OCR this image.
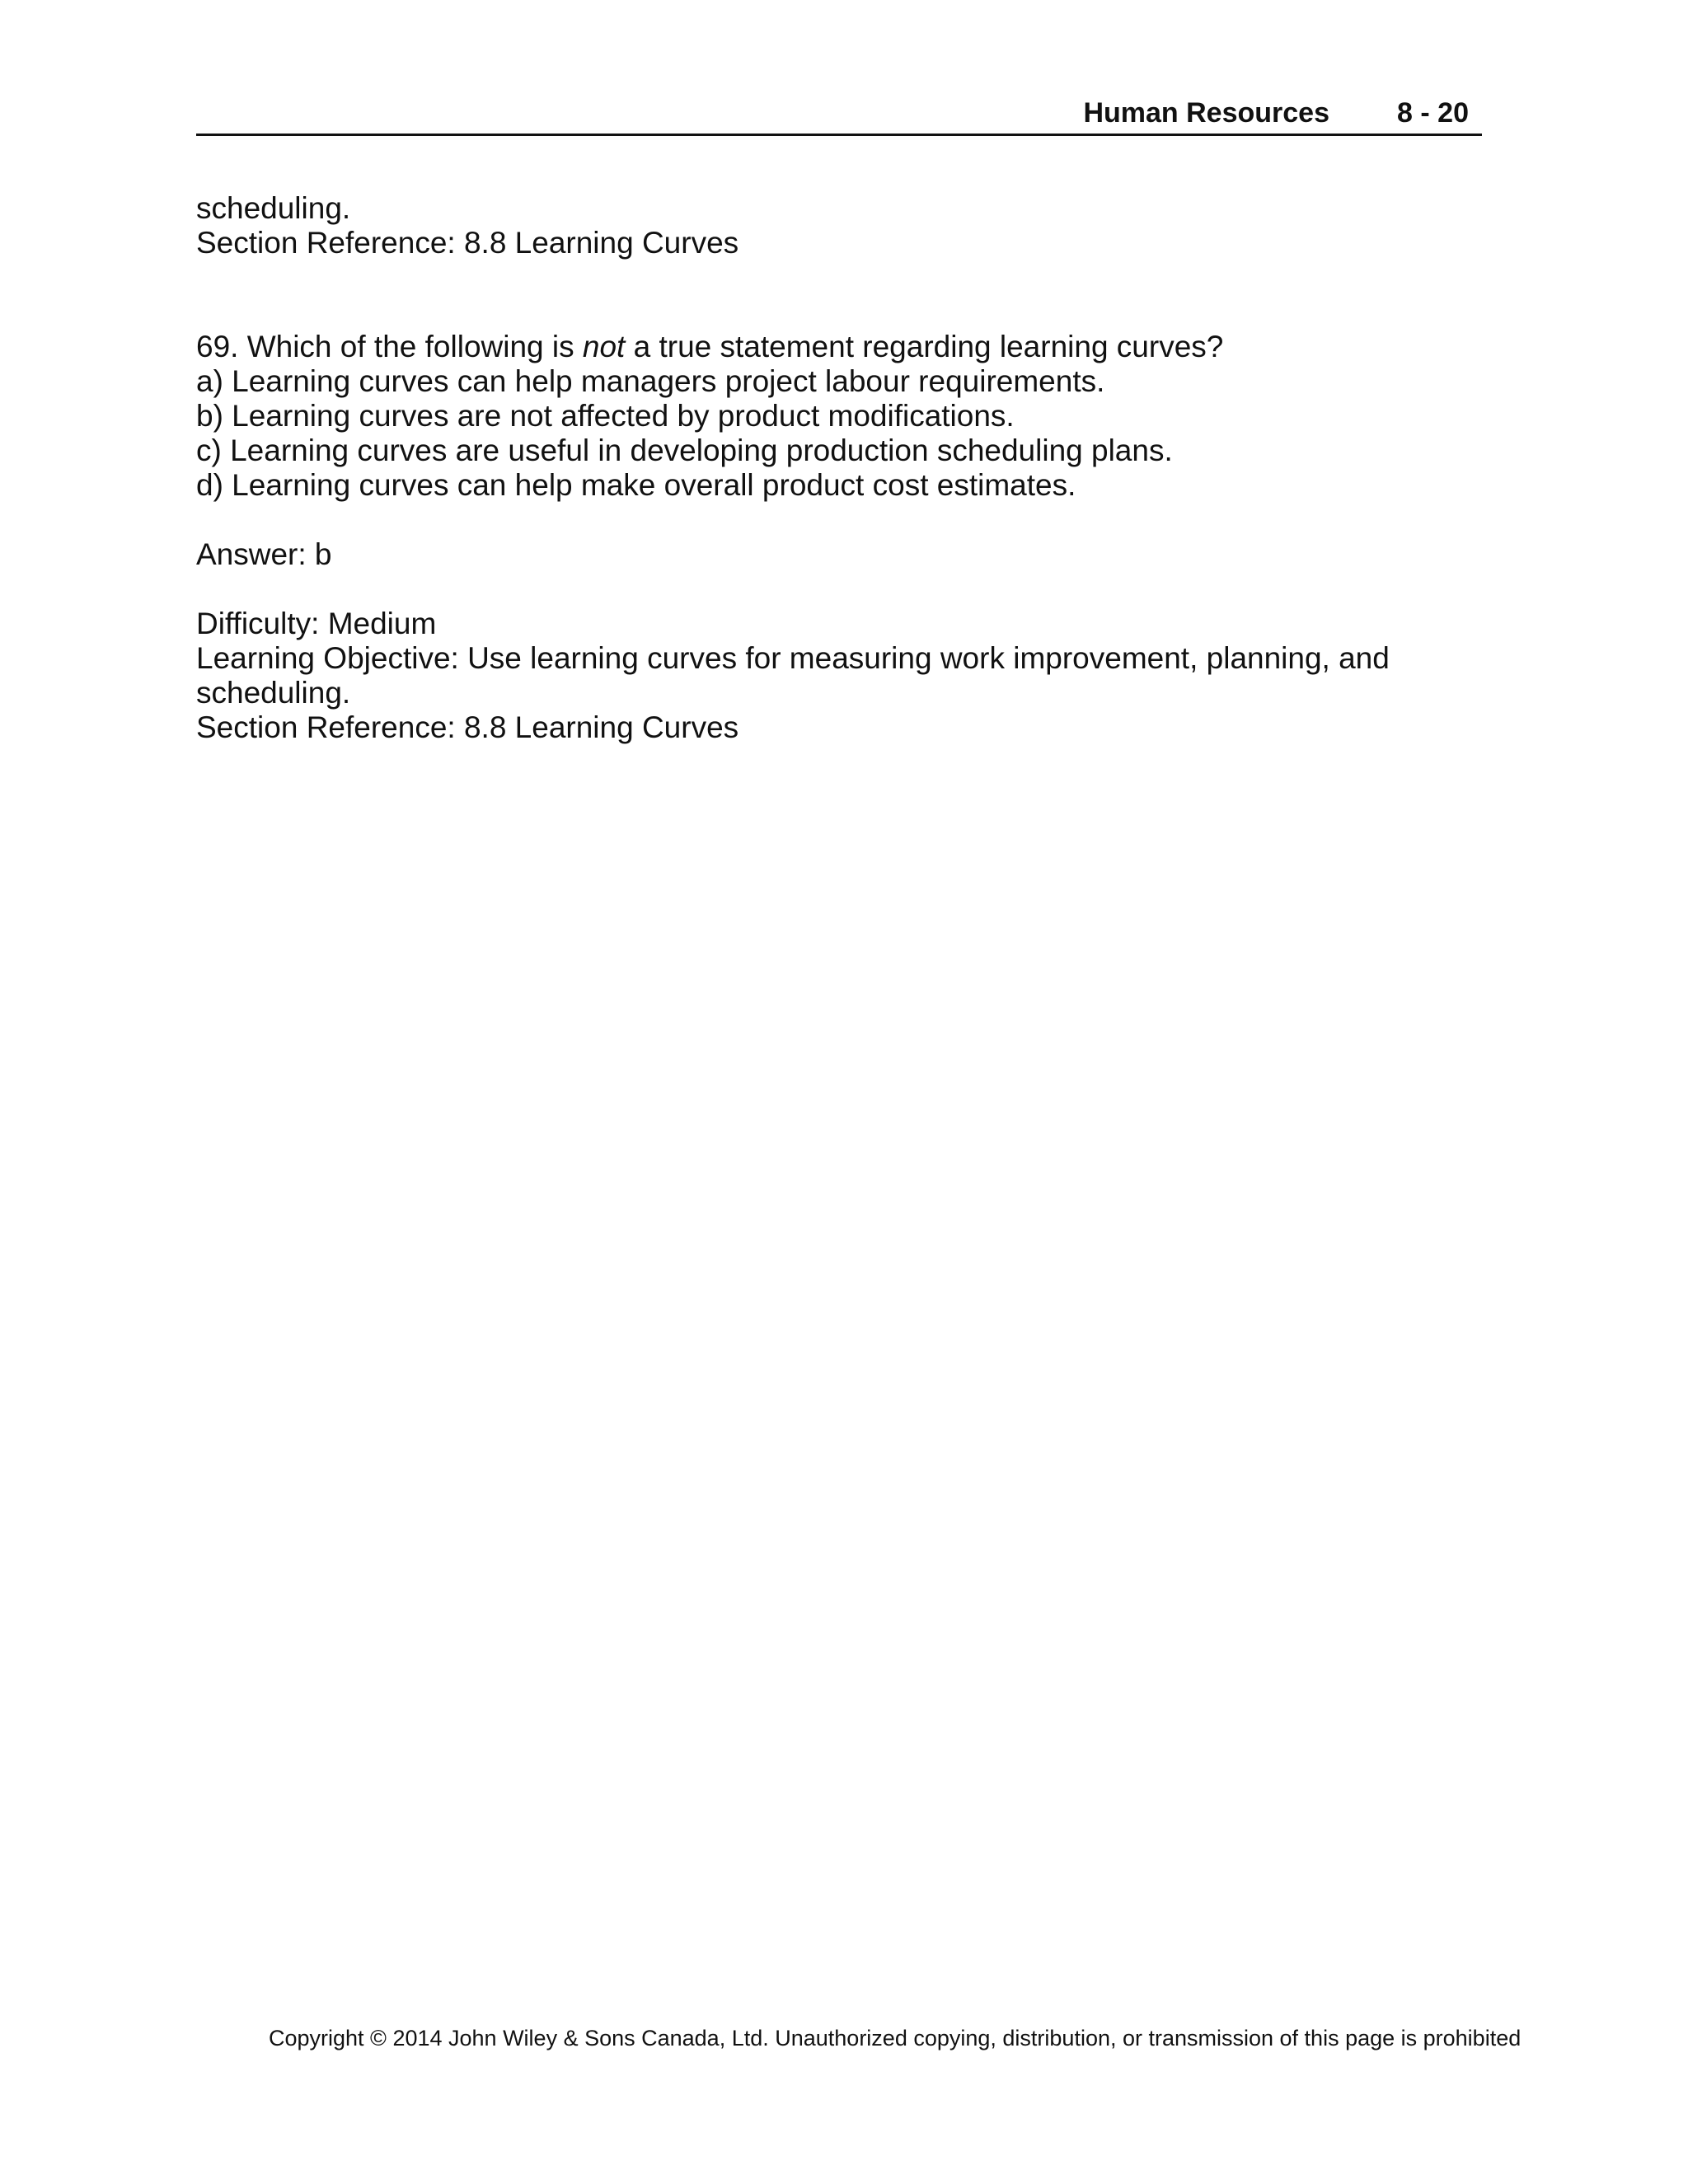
Human Resources 8 - 20
scheduling.
Section Reference: 8.8 Learning Curves
69. Which of the following is not a true statement regarding learning curves?
a) Learning curves can help managers project labour requirements.
b) Learning curves are not affected by product modifications.
c) Learning curves are useful in developing production scheduling plans.
d) Learning curves can help make overall product cost estimates.
Answer: b
Difficulty: Medium
Learning Objective: Use learning curves for measuring work improvement, planning, and
scheduling.
Section Reference: 8.8 Learning Curves
Copyright © 2014 John Wiley & Sons Canada, Ltd. Unauthorized copying, distribution, or transmission of this page is prohibited
